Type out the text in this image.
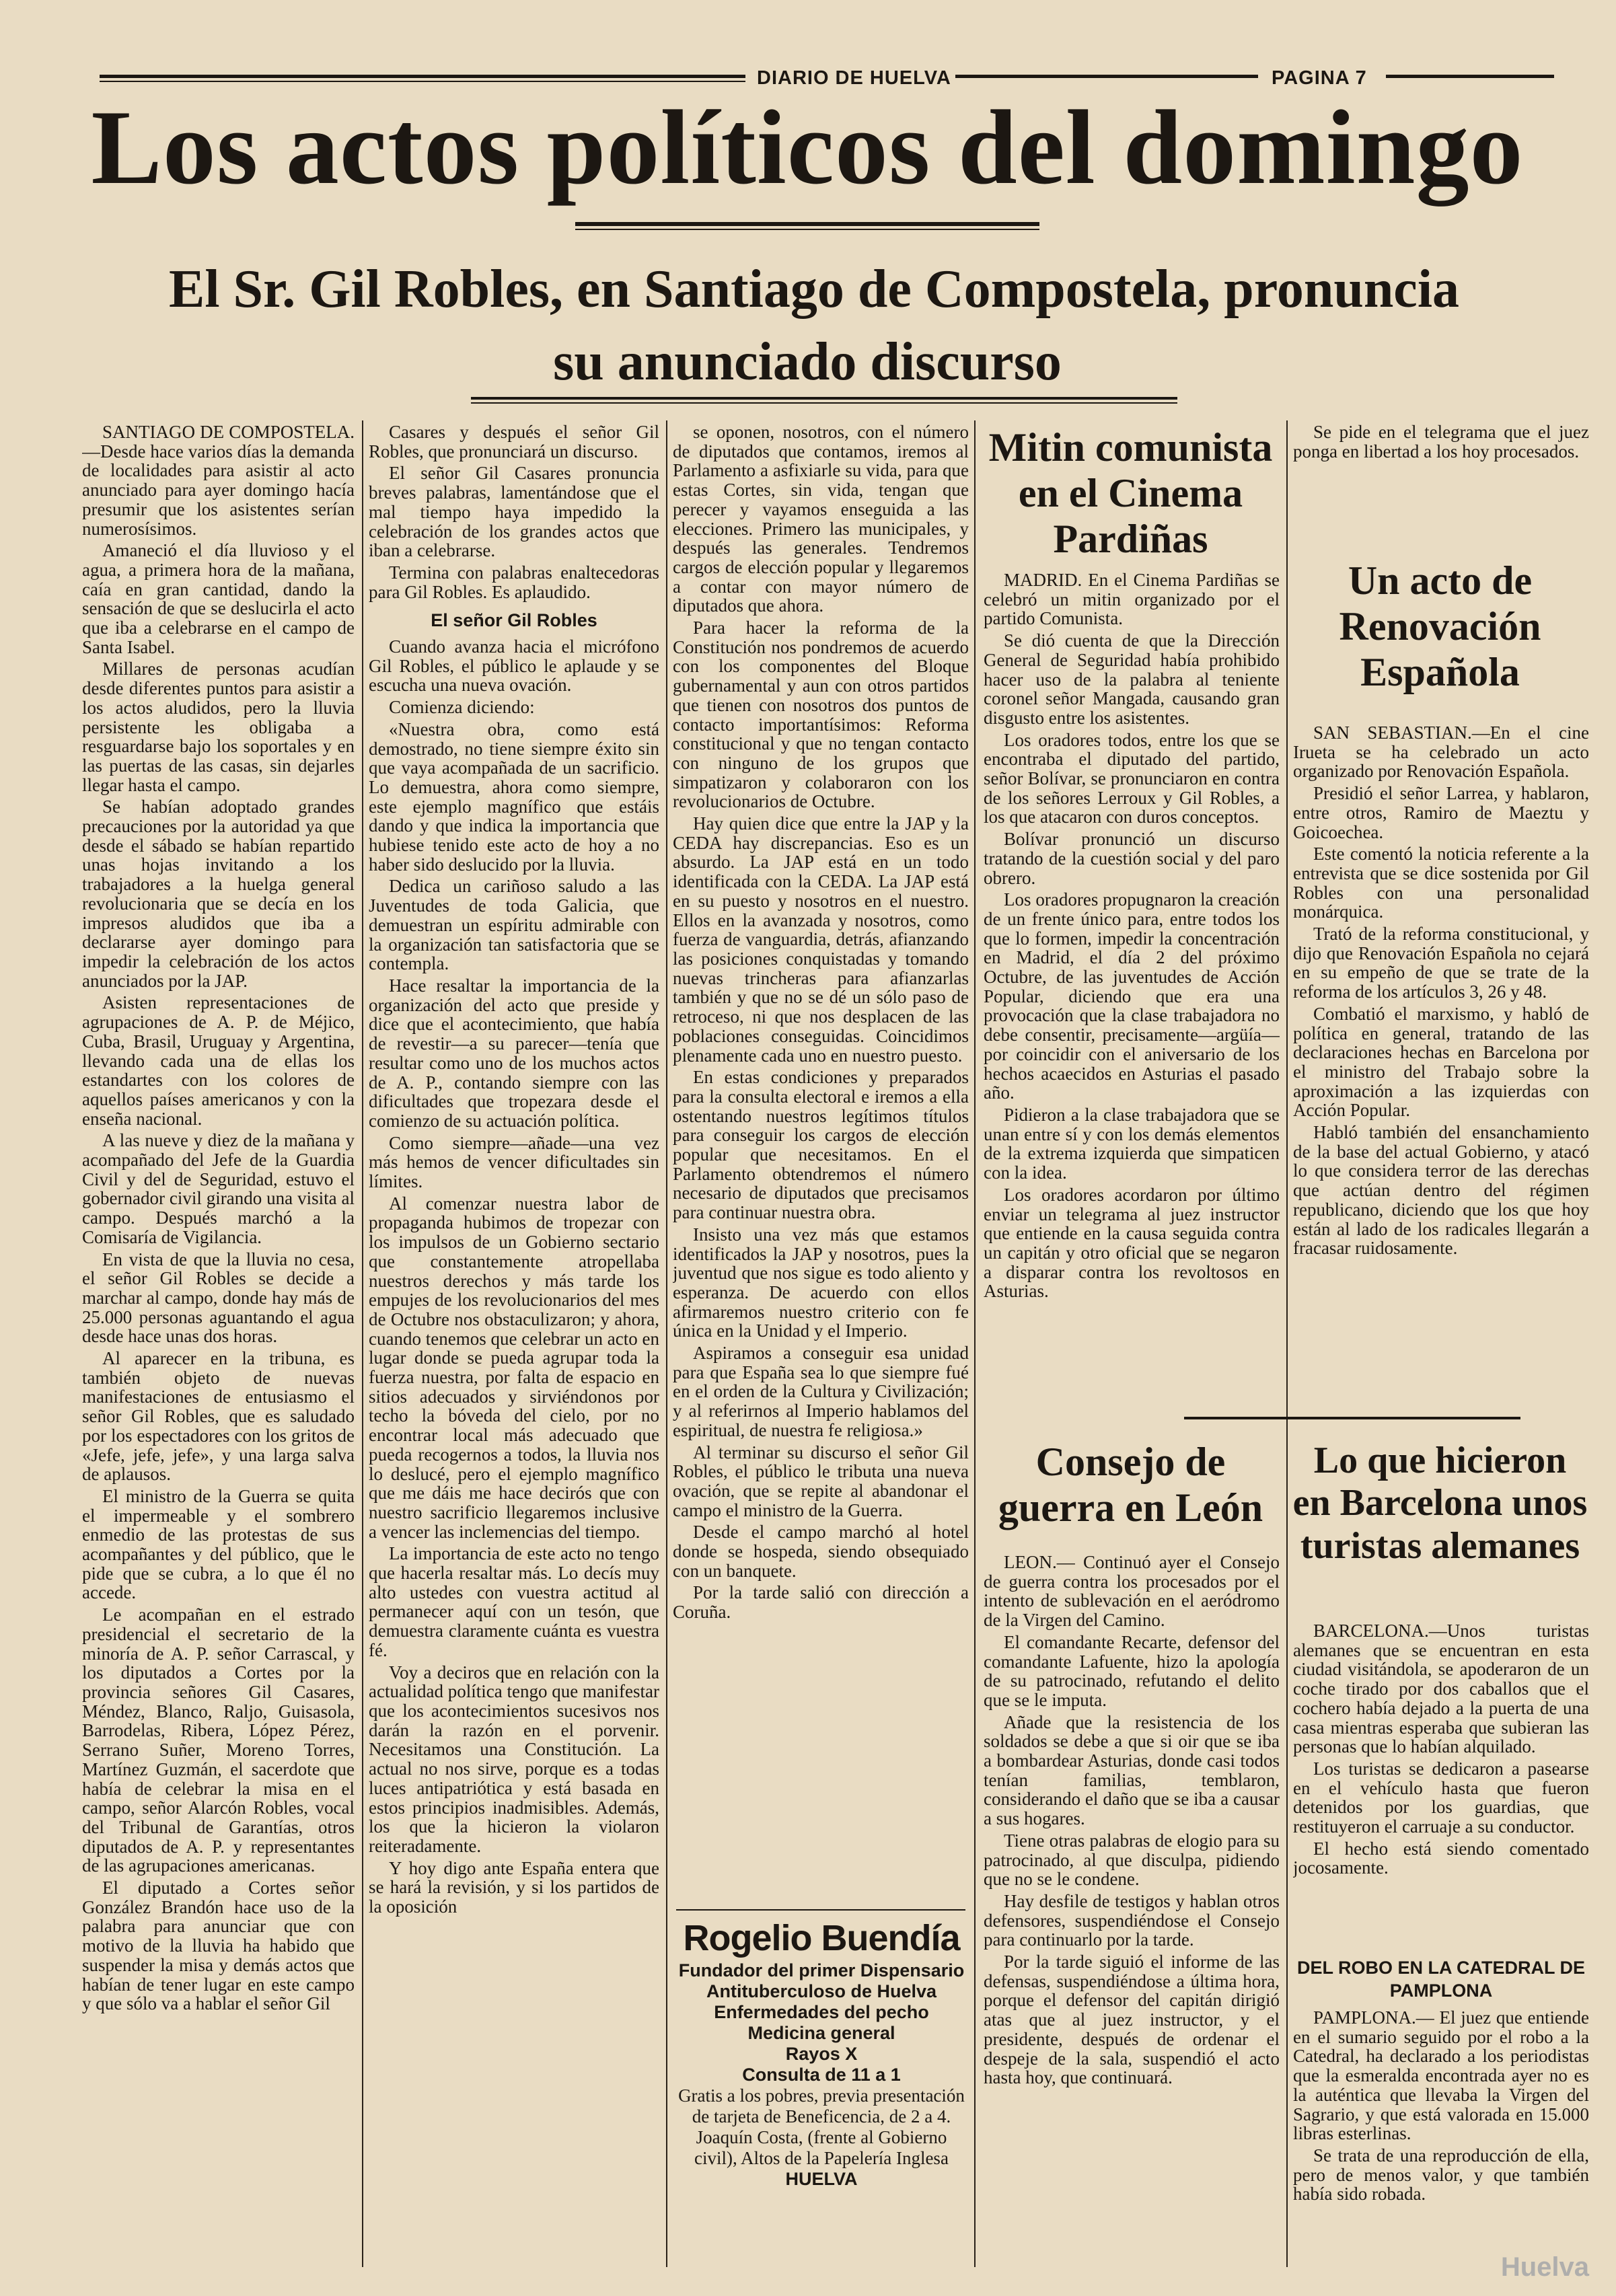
DIARIO DE HUELVA	PAGINA 7
Los actos políticos del domingo
El Sr. Gil Robles, en Santiago de Compostela, pronuncia
su anunciado discurso

SANTIAGO DE COMPOSTELA.—Desde hace varios días la demanda de localidades para asistir al acto anunciado para ayer domingo hacía presumir que los asistentes serían numerosísimos.

Amaneció el día lluvioso y el agua, a primera hora de la mañana, caía en gran cantidad, dando la sensación de que se deslucirla el acto que iba a celebrarse en el campo de Santa Isabel.

Millares de personas acudían desde diferentes puntos para asistir a los actos aludidos, pero la lluvia persistente les obligaba a resguardarse bajo los soportales y en las puertas de las casas, sin dejarles llegar hasta el campo.

Se habían adoptado grandes precauciones por la autoridad ya que desde el sábado se habían repartido unas hojas invitando a los trabajadores a la huelga general revolucionaria que se decía en los impresos aludidos que iba a declararse ayer domingo para impedir la celebración de los actos anunciados por la JAP.

Asisten representaciones de agrupaciones de A. P. de Méjico, Cuba, Brasil, Uruguay y Argentina, llevando cada una de ellas los estandartes con los colores de aquellos países americanos y con la enseña nacional.

A las nueve y diez de la mañana y acompañado del Jefe de la Guardia Civil y del de Seguridad, estuvo el gobernador civil girando una visita al campo. Después marchó a la Comisaría de Vigilancia.

En vista de que la lluvia no cesa, el señor Gil Robles se decide a marchar al campo, donde hay más de 25.000 personas aguantando el agua desde hace unas dos horas.

Al aparecer en la tribuna, es también objeto de nuevas manifestaciones de entusiasmo el señor Gil Robles, que es saludado por los espectadores con los gritos de «Jefe, jefe, jefe», y una larga salva de aplausos.

El ministro de la Guerra se quita el impermeable y el sombrero enmedio de las protestas de sus acompañantes y del público, que le pide que se cubra, a lo que él no accede.

Le acompañan en el estrado presidencial el secretario de la minoría de A. P. señor Carrascal, y los diputados a Cortes por la provincia señores Gil Casares, Méndez, Blanco, Raljo, Guisasola, Barrodelas, Ribera, López Pérez, Serrano Suñer, Moreno Torres, Martínez Guzmán, el sacerdote que había de celebrar la misa en el campo, señor Alarcón Robles, vocal del Tribunal de Garantías, otros diputados de A. P. y representantes de las agrupaciones americanas.

El diputado a Cortes señor González Brandón hace uso de la palabra para anunciar que con motivo de la lluvia ha habido que suspender la misa y demás actos que habían de tener lugar en este campo y que sólo va a hablar el señor Gil

Casares y después el señor Gil Robles, que pronunciará un discurso.

El señor Gil Casares pronuncia breves palabras, lamentándose que el mal tiempo haya impedido la celebración de los grandes actos que iban a celebrarse.

Termina con palabras enaltecedoras para Gil Robles. Es aplaudido.

El señor Gil Robles

Cuando avanza hacia el micrófono Gil Robles, el público le aplaude y se escucha una nueva ovación.

Comienza diciendo:

«Nuestra obra, como está demostrado, no tiene siempre éxito sin que vaya acompañada de un sacrificio. Lo demuestra, ahora como siempre, este ejemplo magnífico que estáis dando y que indica la importancia que hubiese tenido este acto de hoy a no haber sido deslucido por la lluvia.

Dedica un cariñoso saludo a las Juventudes de toda Galicia, que demuestran un espíritu admirable con la organización tan satisfactoria que se contempla.

Hace resaltar la importancia de la organización del acto que preside y dice que el acontecimiento, que había de revestir—a su parecer—tenía que resultar como uno de los muchos actos de A. P., contando siempre con las dificultades que tropezara desde el comienzo de su actuación política.

Como siempre—añade—una vez más hemos de vencer dificultades sin límites.

Al comenzar nuestra labor de propaganda hubimos de tropezar con los impulsos de un Gobierno sectario que constantemente atropellaba nuestros derechos y más tarde los empujes de los revolucionarios del mes de Octubre nos obstaculizaron; y ahora, cuando tenemos que celebrar un acto en lugar donde se pueda agrupar toda la fuerza nuestra, por falta de espacio en sitios adecuados y sirviéndonos por techo la bóveda del cielo, por no encontrar local más adecuado que pueda recogernos a todos, la lluvia nos lo deslucé, pero el ejemplo magnífico que me dáis me hace decirós que con nuestro sacrificio llegaremos inclusive a vencer las inclemencias del tiempo.

La importancia de este acto no tengo que hacerla resaltar más. Lo decís muy alto ustedes con vuestra actitud al permanecer aquí con un tesón, que demuestra claramente cuánta es vuestra fé.

Voy a deciros que en relación con la actualidad política tengo que manifestar que los acontecimientos sucesivos nos darán la razón en el porvenir. Necesitamos una Constitución. La actual no nos sirve, porque es a todas luces antipatriótica y está basada en estos principios inadmisibles. Además, los que la hicieron la violaron reiteradamente.

Y hoy digo ante España entera que se hará la revisión, y si los partidos de la oposición

se oponen, nosotros, con el número de diputados que contamos, iremos al Parlamento a asfixiarle su vida, para que estas Cortes, sin vida, tengan que perecer y vayamos enseguida a las elecciones. Primero las municipales, y después las generales. Tendremos cargos de elección popular y llegaremos a contar con mayor número de diputados que ahora.

Para hacer la reforma de la Constitución nos pondremos de acuerdo con los componentes del Bloque gubernamental y aun con otros partidos que tienen con nosotros dos puntos de contacto importantísimos: Reforma constitucional y que no tengan contacto con ninguno de los grupos que simpatizaron y colaboraron con los revolucionarios de Octubre.

Hay quien dice que entre la JAP y la CEDA hay discrepancias. Eso es un absurdo. La JAP está en un todo identificada con la CEDA. La JAP está en su puesto y nosotros en el nuestro. Ellos en la avanzada y nosotros, como fuerza de vanguardia, detrás, afianzando las posiciones conquistadas y tomando nuevas trincheras para afianzarlas también y que no se dé un sólo paso de retroceso, ni que nos desplacen de las poblaciones conseguidas. Coincidimos plenamente cada uno en nuestro puesto.

En estas condiciones y preparados para la consulta electoral e iremos a ella ostentando nuestros legítimos títulos para conseguir los cargos de elección popular que necesitamos. En el Parlamento obtendremos el número necesario de diputados que precisamos para continuar nuestra obra.

Insisto una vez más que estamos identificados la JAP y nosotros, pues la juventud que nos sigue es todo aliento y esperanza. De acuerdo con ellos afirmaremos nuestro criterio con fe única en la Unidad y el Imperio.

Aspiramos a conseguir esa unidad para que España sea lo que siempre fué en el orden de la Cultura y Civilización; y al referirnos al Imperio hablamos del espiritual, de nuestra fe religiosa.»

Al terminar su discurso el señor Gil Robles, el público le tributa una nueva ovación, que se repite al abandonar el campo el ministro de la Guerra.

Desde el campo marchó al hotel donde se hospeda, siendo obsequiado con un banquete.

Por la tarde salió con dirección a Coruña.

Rogelio Buendía
Fundador del primer Dispensario Antituberculoso de Huelva
Enfermedades del pecho
Medicina general
Rayos X
Consulta de 11 a 1
Gratis a los pobres, previa presentación de tarjeta de Beneficencia, de 2 a 4.
Joaquín Costa, (frente al Gobierno civil), Altos de la Papelería Inglesa
HUELVA
Mitin comunista en el Cinema Pardiñas

MADRID. En el Cinema Pardiñas se celebró un mitin organizado por el partido Comunista.

Se dió cuenta de que la Dirección General de Seguridad había prohibido hacer uso de la palabra al teniente coronel señor Mangada, causando gran disgusto entre los asistentes.

Los oradores todos, entre los que se encontraba el diputado del partido, señor Bolívar, se pronunciaron en contra de los señores Lerroux y Gil Robles, a los que atacaron con duros conceptos.

Bolívar pronunció un discurso tratando de la cuestión social y del paro obrero.

Los oradores propugnaron la creación de un frente único para, entre todos los que lo formen, impedir la concentración en Madrid, el día 2 del próximo Octubre, de las juventudes de Acción Popular, diciendo que era una provocación que la clase trabajadora no debe consentir, precisamente—argüía—por coincidir con el aniversario de los hechos acaecidos en Asturias el pasado año.

Pidieron a la clase trabajadora que se unan entre sí y con los demás elementos de la extrema izquierda que simpaticen con la idea.

Los oradores acordaron por último enviar un telegrama al juez instructor que entiende en la causa seguida contra un capitán y otro oficial que se negaron a disparar contra los revoltosos en Asturias.

Consejo de guerra en León

LEON.— Continuó ayer el Consejo de guerra contra los procesados por el intento de sublevación en el aeródromo de la Virgen del Camino.

El comandante Recarte, defensor del comandante Lafuente, hizo la apología de su patrocinado, refutando el delito que se le imputa.

Añade que la resistencia de los soldados se debe a que si oir que se iba a bombardear Asturias, donde casi todos tenían familias, temblaron, considerando el daño que se iba a causar a sus hogares.

Tiene otras palabras de elogio para su patrocinado, al que disculpa, pidiendo que no se le condene.

Hay desfile de testigos y hablan otros defensores, suspendiéndose el Consejo para continuarlo por la tarde.

Por la tarde siguió el informe de las defensas, suspendiéndose a última hora, porque el defensor del capitán dirigió atas que al juez instructor, y el presidente, después de ordenar el despeje de la sala, suspendió el acto hasta hoy, que continuará.

Se pide en el telegrama que el juez ponga en libertad a los hoy procesados.

Un acto de Renovación Española

SAN SEBASTIAN.—En el cine Irueta se ha celebrado un acto organizado por Renovación Española.

Presidió el señor Larrea, y hablaron, entre otros, Ramiro de Maeztu y Goicoechea.

Este comentó la noticia referente a la entrevista que se dice sostenida por Gil Robles con una personalidad monárquica.

Trató de la reforma constitucional, y dijo que Renovación Española no cejará en su empeño de que se trate de la reforma de los artículos 3, 26 y 48.

Combatió el marxismo, y habló de política en general, tratando de las declaraciones hechas en Barcelona por el ministro del Trabajo sobre la aproximación a las izquierdas con Acción Popular.

Habló también del ensanchamiento de la base del actual Gobierno, y atacó lo que considera terror de las derechas que actúan dentro del régimen republicano, diciendo que los que hoy están al lado de los radicales llegarán a fracasar ruidosamente.

Lo que hicieron en Barcelona unos turistas alemanes

BARCELONA.—Unos turistas alemanes que se encuentran en esta ciudad visitándola, se apoderaron de un coche tirado por dos caballos que el cochero había dejado a la puerta de una casa mientras esperaba que subieran las personas que lo habían alquilado.

Los turistas se dedicaron a pasearse en el vehículo hasta que fueron detenidos por los guardias, que restituyeron el carruaje a su conductor.

El hecho está siendo comentado jocosamente.

DEL ROBO EN LA CATEDRAL DE PAMPLONA

PAMPLONA.— El juez que entiende en el sumario seguido por el robo a la Catedral, ha declarado a los periodistas que la esmeralda encontrada ayer no es la auténtica que llevaba la Virgen del Sagrario, y que está valorada en 15.000 libras esterlinas.

Se trata de una reproducción de ella, pero de menos valor, y que también había sido robada.

Huelva
